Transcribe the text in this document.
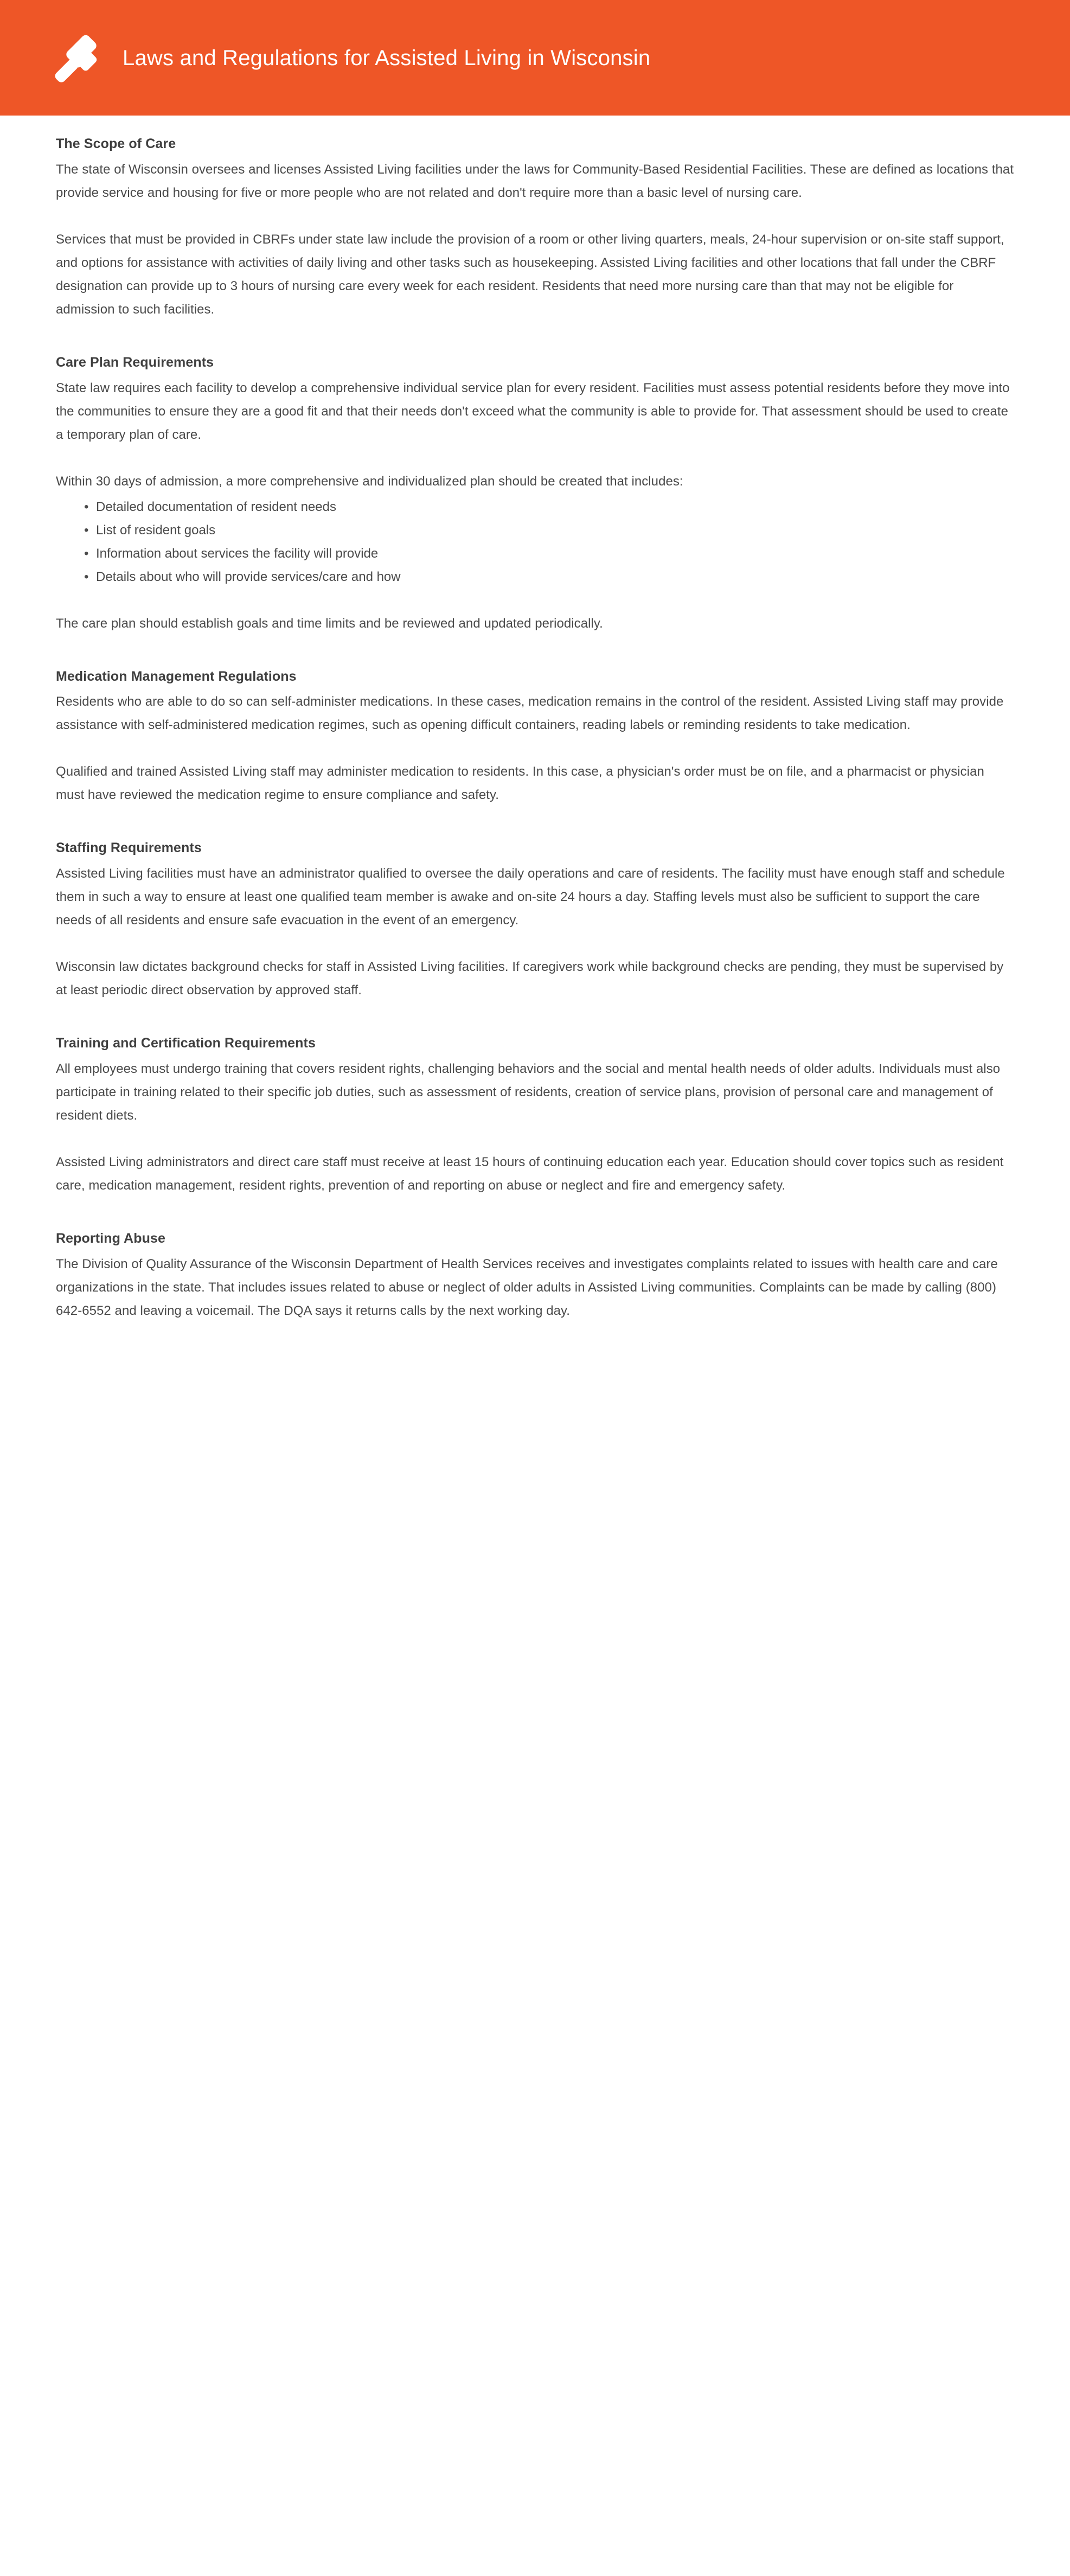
Laws and Regulations for Assisted Living in Wisconsin
The Scope of Care

The state of Wisconsin oversees and licenses Assisted Living facilities under the laws for Community-Based Residential Facilities. These are defined as locations that provide service and housing for five or more people who are not related and don't require more than a basic level of nursing care.

Services that must be provided in CBRFs under state law include the provision of a room or other living quarters, meals, 24-hour supervision or on-site staff support, and options for assistance with activities of daily living and other tasks such as housekeeping. Assisted Living facilities and other locations that fall under the CBRF designation can provide up to 3 hours of nursing care every week for each resident. Residents that need more nursing care than that may not be eligible for admission to such facilities.

Care Plan Requirements

State law requires each facility to develop a comprehensive individual service plan for every resident. Facilities must assess potential residents before they move into the communities to ensure they are a good fit and that their needs don't exceed what the community is able to provide for. That assessment should be used to create a temporary plan of care.

Within 30 days of admission, a more comprehensive and individualized plan should be created that includes:

• Detailed documentation of resident needs
• List of resident goals
• Information about services the facility will provide
• Details about who will provide services/care and how

The care plan should establish goals and time limits and be reviewed and updated periodically.

Medication Management Regulations

Residents who are able to do so can self-administer medications. In these cases, medication remains in the control of the resident. Assisted Living staff may provide assistance with self-administered medication regimes, such as opening difficult containers, reading labels or reminding residents to take medication.

Qualified and trained Assisted Living staff may administer medication to residents. In this case, a physician's order must be on file, and a pharmacist or physician must have reviewed the medication regime to ensure compliance and safety.

Staffing Requirements

Assisted Living facilities must have an administrator qualified to oversee the daily operations and care of residents. The facility must have enough staff and schedule them in such a way to ensure at least one qualified team member is awake and on-site 24 hours a day. Staffing levels must also be sufficient to support the care needs of all residents and ensure safe evacuation in the event of an emergency.

Wisconsin law dictates background checks for staff in Assisted Living facilities. If caregivers work while background checks are pending, they must be supervised by at least periodic direct observation by approved staff.

Training and Certification Requirements

All employees must undergo training that covers resident rights, challenging behaviors and the social and mental health needs of older adults. Individuals must also participate in training related to their specific job duties, such as assessment of residents, creation of service plans, provision of personal care and management of resident diets.

Assisted Living administrators and direct care staff must receive at least 15 hours of continuing education each year. Education should cover topics such as resident care, medication management, resident rights, prevention of and reporting on abuse or neglect and fire and emergency safety.

Reporting Abuse

The Division of Quality Assurance of the Wisconsin Department of Health Services receives and investigates complaints related to issues with health care and care organizations in the state. That includes issues related to abuse or neglect of older adults in Assisted Living communities. Complaints can be made by calling (800) 642-6552 and leaving a voicemail. The DQA says it returns calls by the next working day.
